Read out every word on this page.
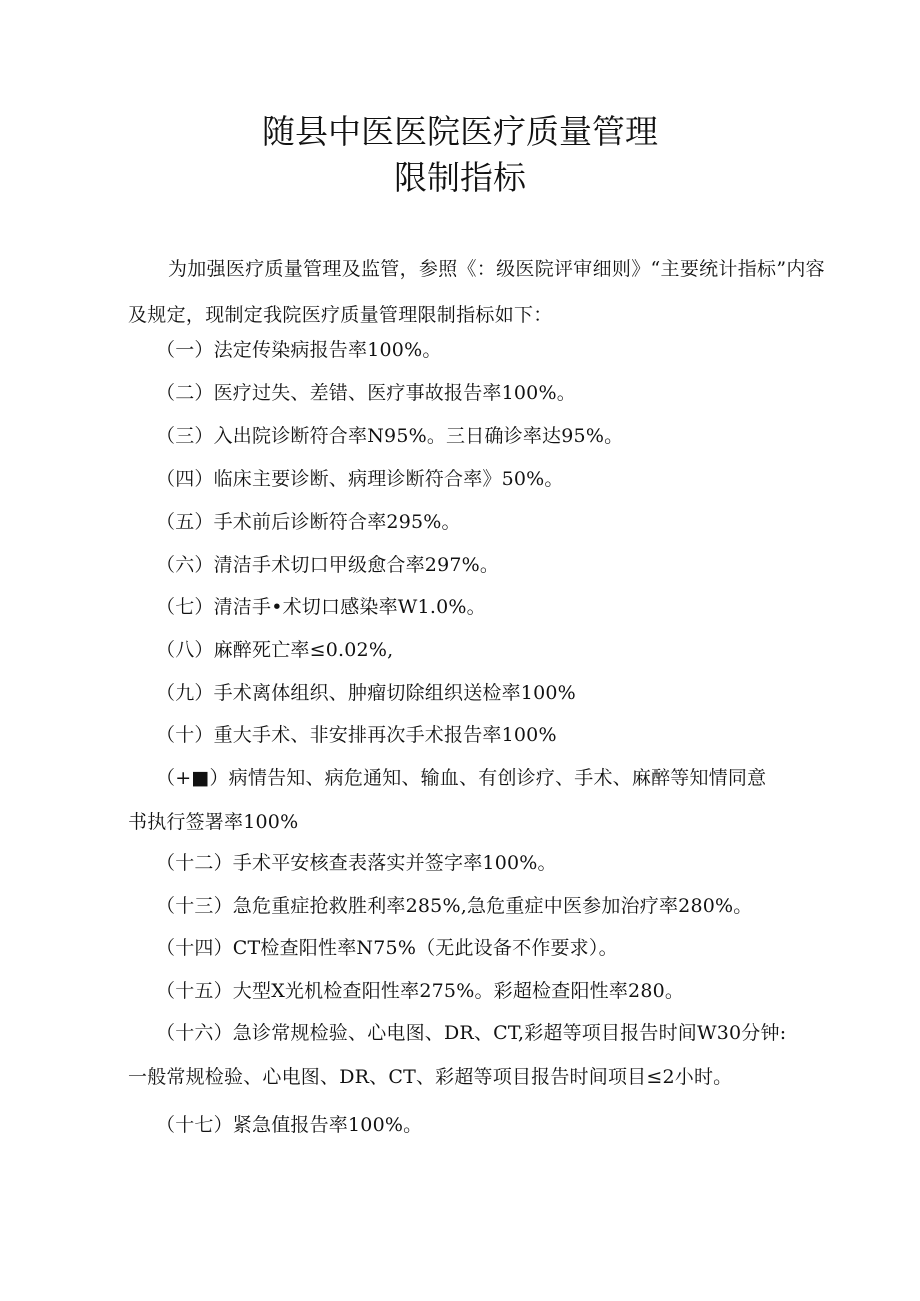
随县中医医院医疗质量管理
限制指标
为加强医疗质量管理及监管，参照《：级医院评审细则》“主要统计指标”内容及规定，现制定我院医疗质量管理限制指标如下：
（一）法定传染病报告率100%。
（二）医疗过失、差错、医疗事故报告率100%。
（三）入出院诊断符合率N95%。三日确诊率达95%。
（四）临床主要诊断、病理诊断符合率》50%。
（五）手术前后诊断符合率295%。
（六）清洁手术切口甲级愈合率297%。
（七）清洁手•术切口感染率W1.0%。
（八）麻醉死亡率≤0.02%,
（九）手术离体组织、肿瘤切除组织送检率100%
（十）重大手术、非安排再次手术报告率100%
（+■）病情告知、病危通知、输血、有创诊疗、手术、麻醉等知情同意
书执行签署率100%
（十二）手术平安核查表落实并签字率100%。
（十三）急危重症抢救胜利率285%,急危重症中医参加治疗率280%。
（十四）CT检查阳性率N75%（无此设备不作要求）。
（十五）大型X光机检查阳性率275%。彩超检查阳性率280。
（十六）急诊常规检验、心电图、DR、CT,彩超等项目报告时间W30分钟:
一般常规检验、心电图、DR、CT、彩超等项目报告时间项目≤2小时。
（十七）紧急值报告率100%。
